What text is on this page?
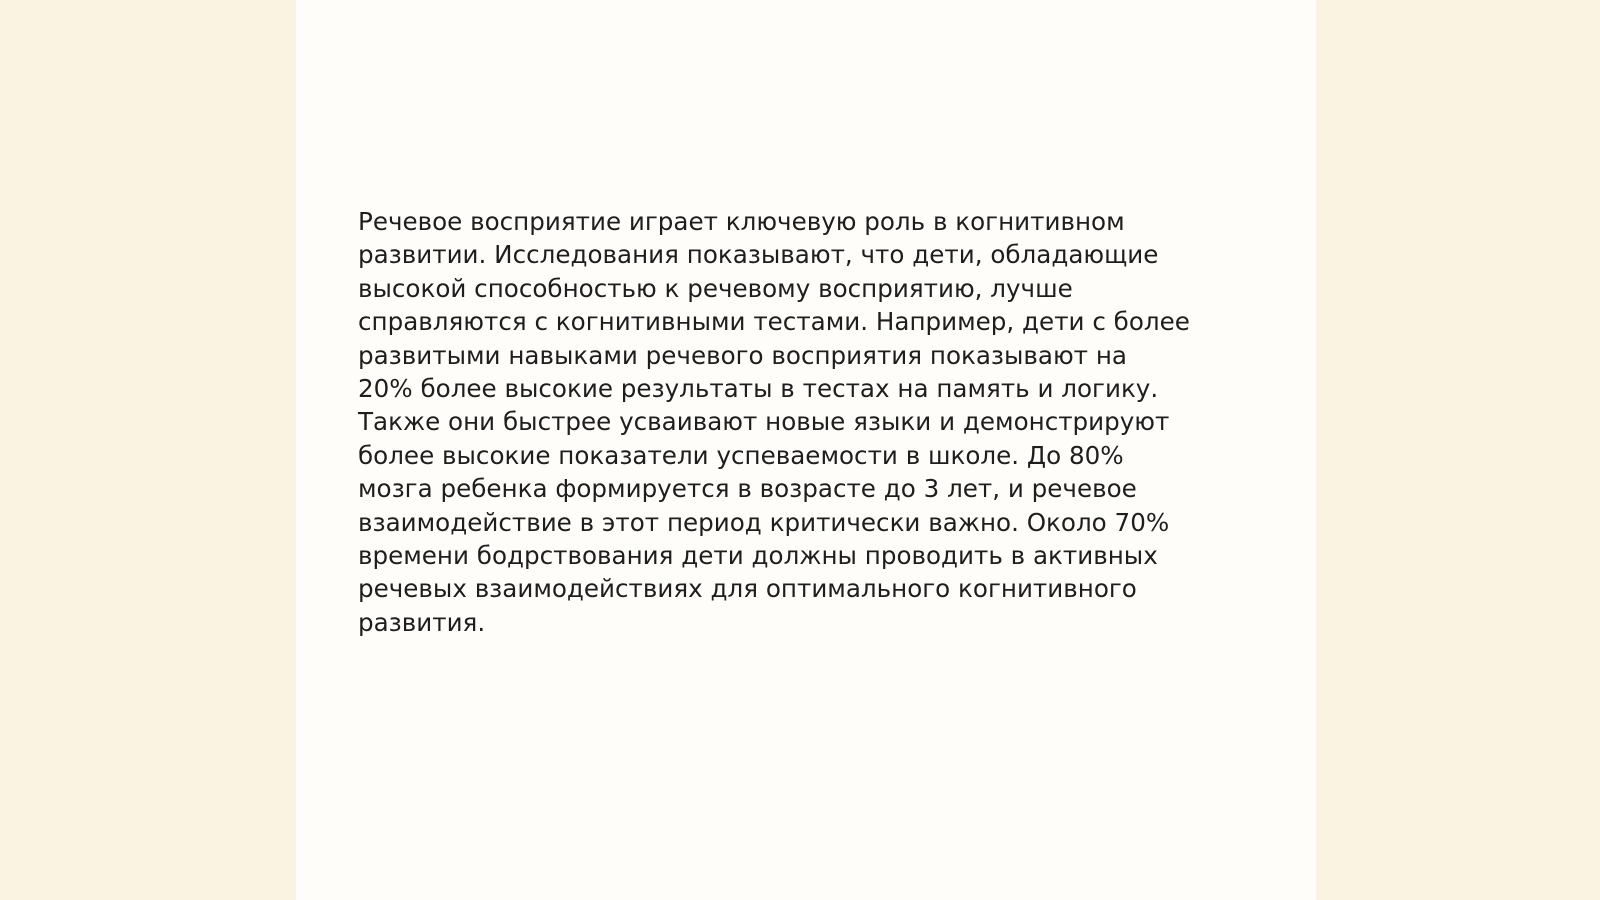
Речевое восприятие играет ключевую роль в когнитивном
развитии. Исследования показывают, что дети, обладающие
высокой способностью к речевому восприятию, лучше
справляются с когнитивными тестами. Например, дети с более
развитыми навыками речевого восприятия показывают на
20% более высокие результаты в тестах на память и логику.
Также они быстрее усваивают новые языки и демонстрируют
более высокие показатели успеваемости в школе. До 80%
мозга ребенка формируется в возрасте до 3 лет, и речевое
взаимодействие в этот период критически важно. Около 70%
времени бодрствования дети должны проводить в активных
речевых взаимодействиях для оптимального когнитивного
развития.
